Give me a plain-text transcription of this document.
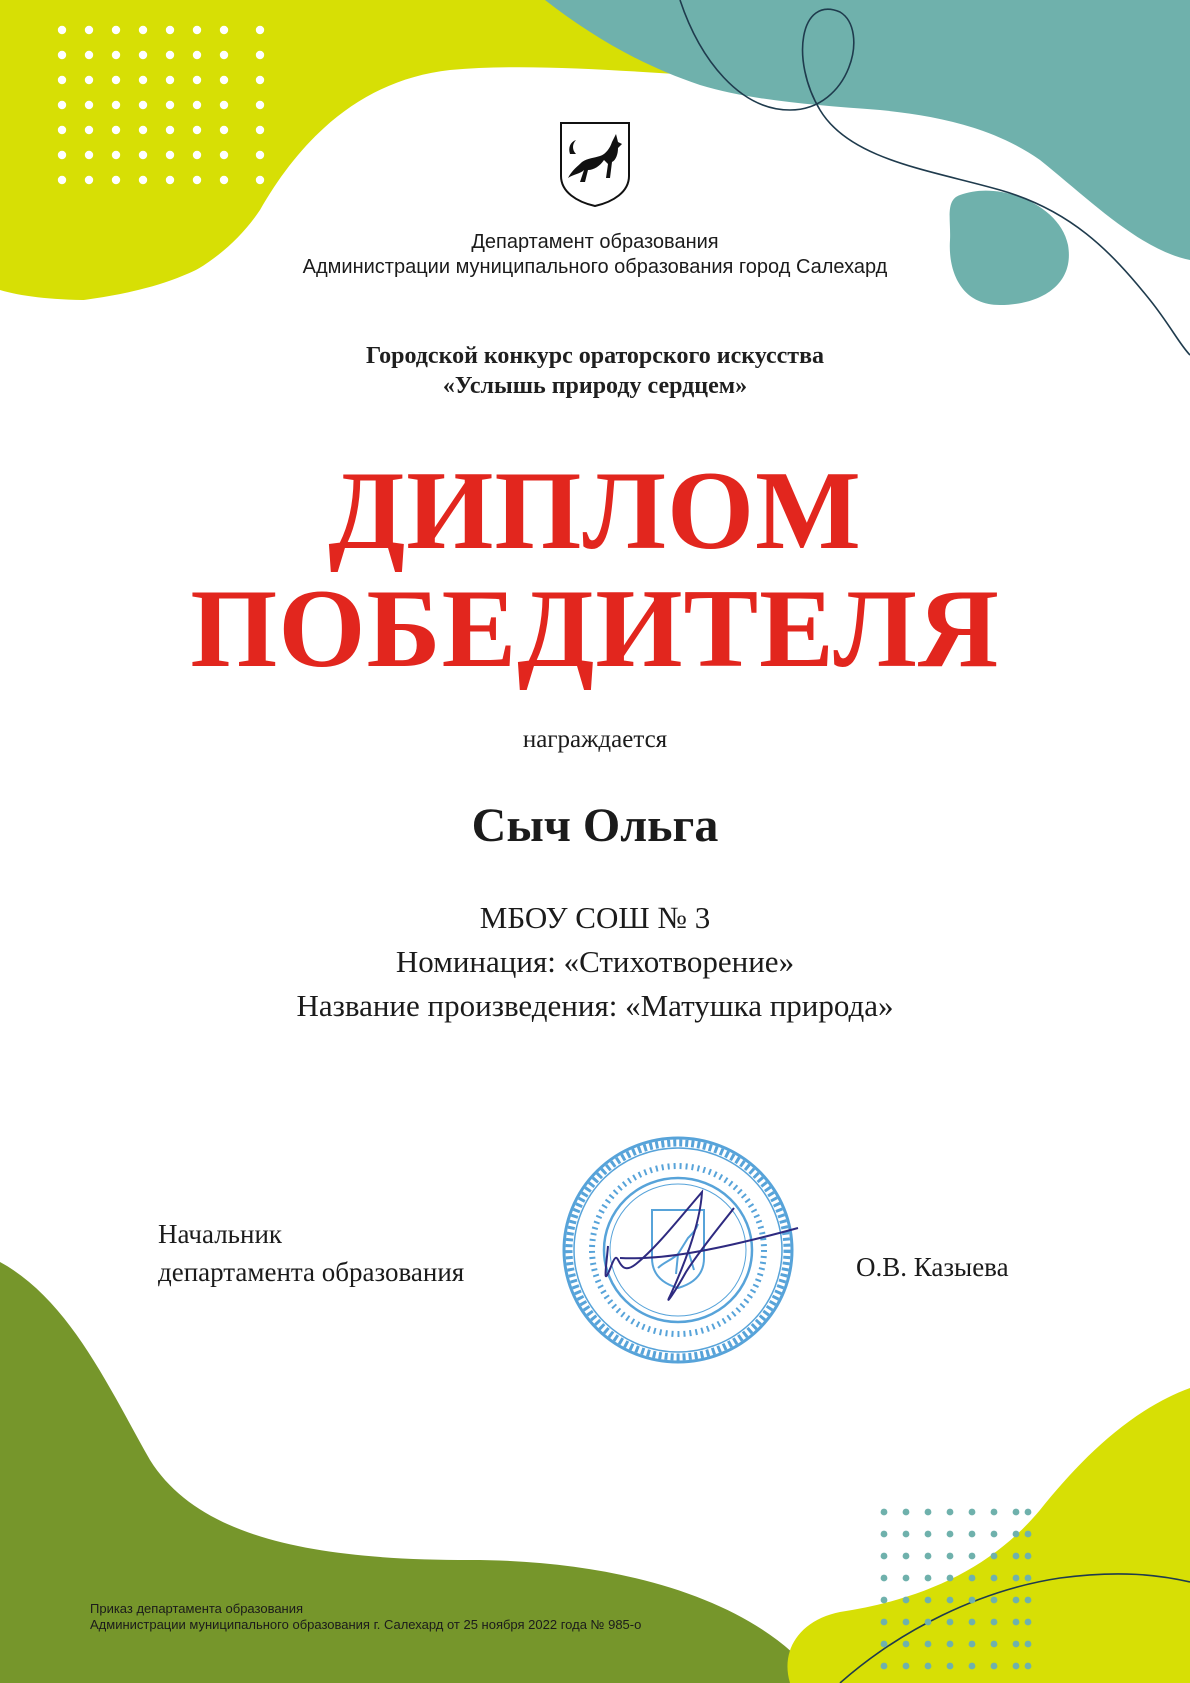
Департамент образования
Администрации муниципального образования город Салехард

Городской конкурс ораторского искусства
«Услышь природу сердцем»

ДИПЛОМ
ПОБЕДИТЕЛЯ

награждается

Сыч Ольга

МБОУ СОШ № 3
Номинация: «Стихотворение»
Название произведения: «Матушка природа»

Начальник
департамента образования	О.В. Казыева

Приказ департамента образования
Администрации муниципального образования г. Салехард от 25 ноября 2022 года № 985-о
